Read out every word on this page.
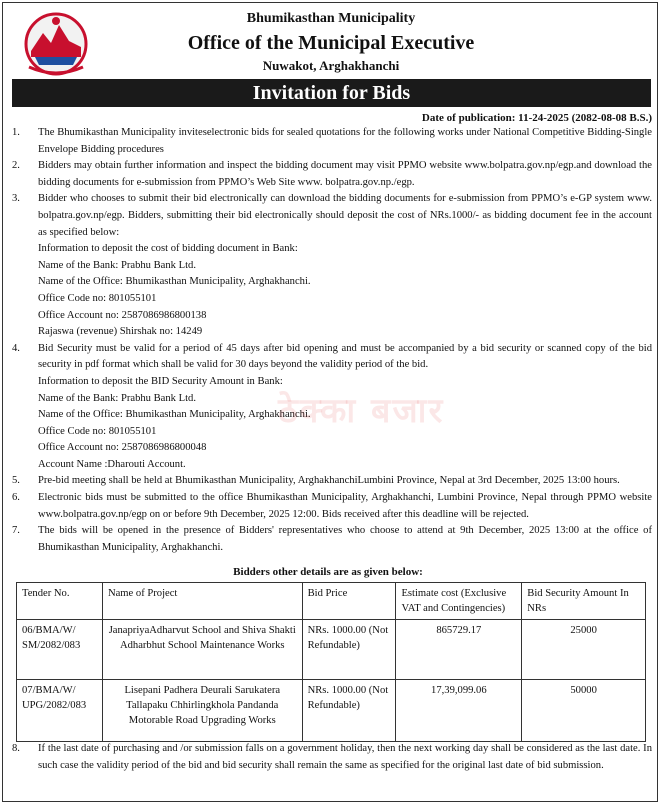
Bhumikasthan Municipality
Office of the Municipal Executive
Nuwakot, Arghakhanchi
Invitation for Bids
Date of publication: 11-24-2025 (2082-08-08 B.S.)
1. The Bhumikasthan Municipality inviteselectronic bids for sealed quotations for the following works under National Competitive Bidding-Single Envelope Bidding procedures
2. Bidders may obtain further information and inspect the bidding document may visit PPMO website www.bolpatra.gov.np/egp.and download the bidding documents for e-submission from PPMO’s Web Site www. bolpatra.gov.np./egp.
3. Bidder who chooses to submit their bid electronically can download the bidding documents for e-submission from PPMO’s e-GP system www. bolpatra.gov.np/egp. Bidders, submitting their bid electronically should deposit the cost of NRs.1000/- as bidding document fee in the account as specified below:
Information to deposit the cost of bidding document in Bank:
Name of the Bank: Prabhu Bank Ltd.
Name of the Office: Bhumikasthan Municipality, Arghakhanchi.
Office Code no: 801055101
Office Account no: 2587086986800138
Rajaswa (revenue) Shirshak no: 14249
4. Bid Security must be valid for a period of 45 days after bid opening and must be accompanied by a bid security or scanned copy of the bid security in pdf format which shall be valid for 30 days beyond the validity period of the bid.
Information to deposit the BID Security Amount in Bank:
Name of the Bank: Prabhu Bank Ltd.
Name of the Office: Bhumikasthan Municipality, Arghakhanchi.
Office Code no: 801055101
Office Account no: 2587086986800048
Account Name :Dharouti Account.
5. Pre-bid meeting shall be held at Bhumikasthan Municipality, ArghakhanchiLumbini Province, Nepal at 3rd December, 2025 13:00 hours.
6. Electronic bids must be submitted to the office Bhumikasthan Municipality, Arghakhanchi, Lumbini Province, Nepal through PPMO website www.bolpatra.gov.np/egp on or before 9th December, 2025 12:00. Bids received after this deadline will be rejected.
7. The bids will be opened in the presence of Bidders' representatives who choose to attend at 9th December, 2025 13:00 at the office of Bhumikasthan Municipality, Arghakhanchi.
ठेक्का बजार
Bidders other details are as given below:
Tender No.	Name of Project	Bid Price	Estimate cost (Exclusive VAT and Contingencies)	Bid Security Amount In NRs
06/BMA/W/ SM/2082/083	JanapriyaAdharvut School and Shiva Shakti Adharbhut School Maintenance Works	NRs. 1000.00 (Not Refundable)	865729.17	25000
07/BMA/W/ UPG/2082/083	Lisepani Padhera Deurali Sarukatera Tallapaku Chhirlingkhola Pandanda Motorable Road Upgrading Works	NRs. 1000.00 (Not Refundable)	17,39,099.06	50000
8. If the last date of purchasing and /or submission falls on a government holiday, then the next working day shall be considered as the last date. In such case the validity period of the bid and bid security shall remain the same as specified for the original last date of bid submission.
